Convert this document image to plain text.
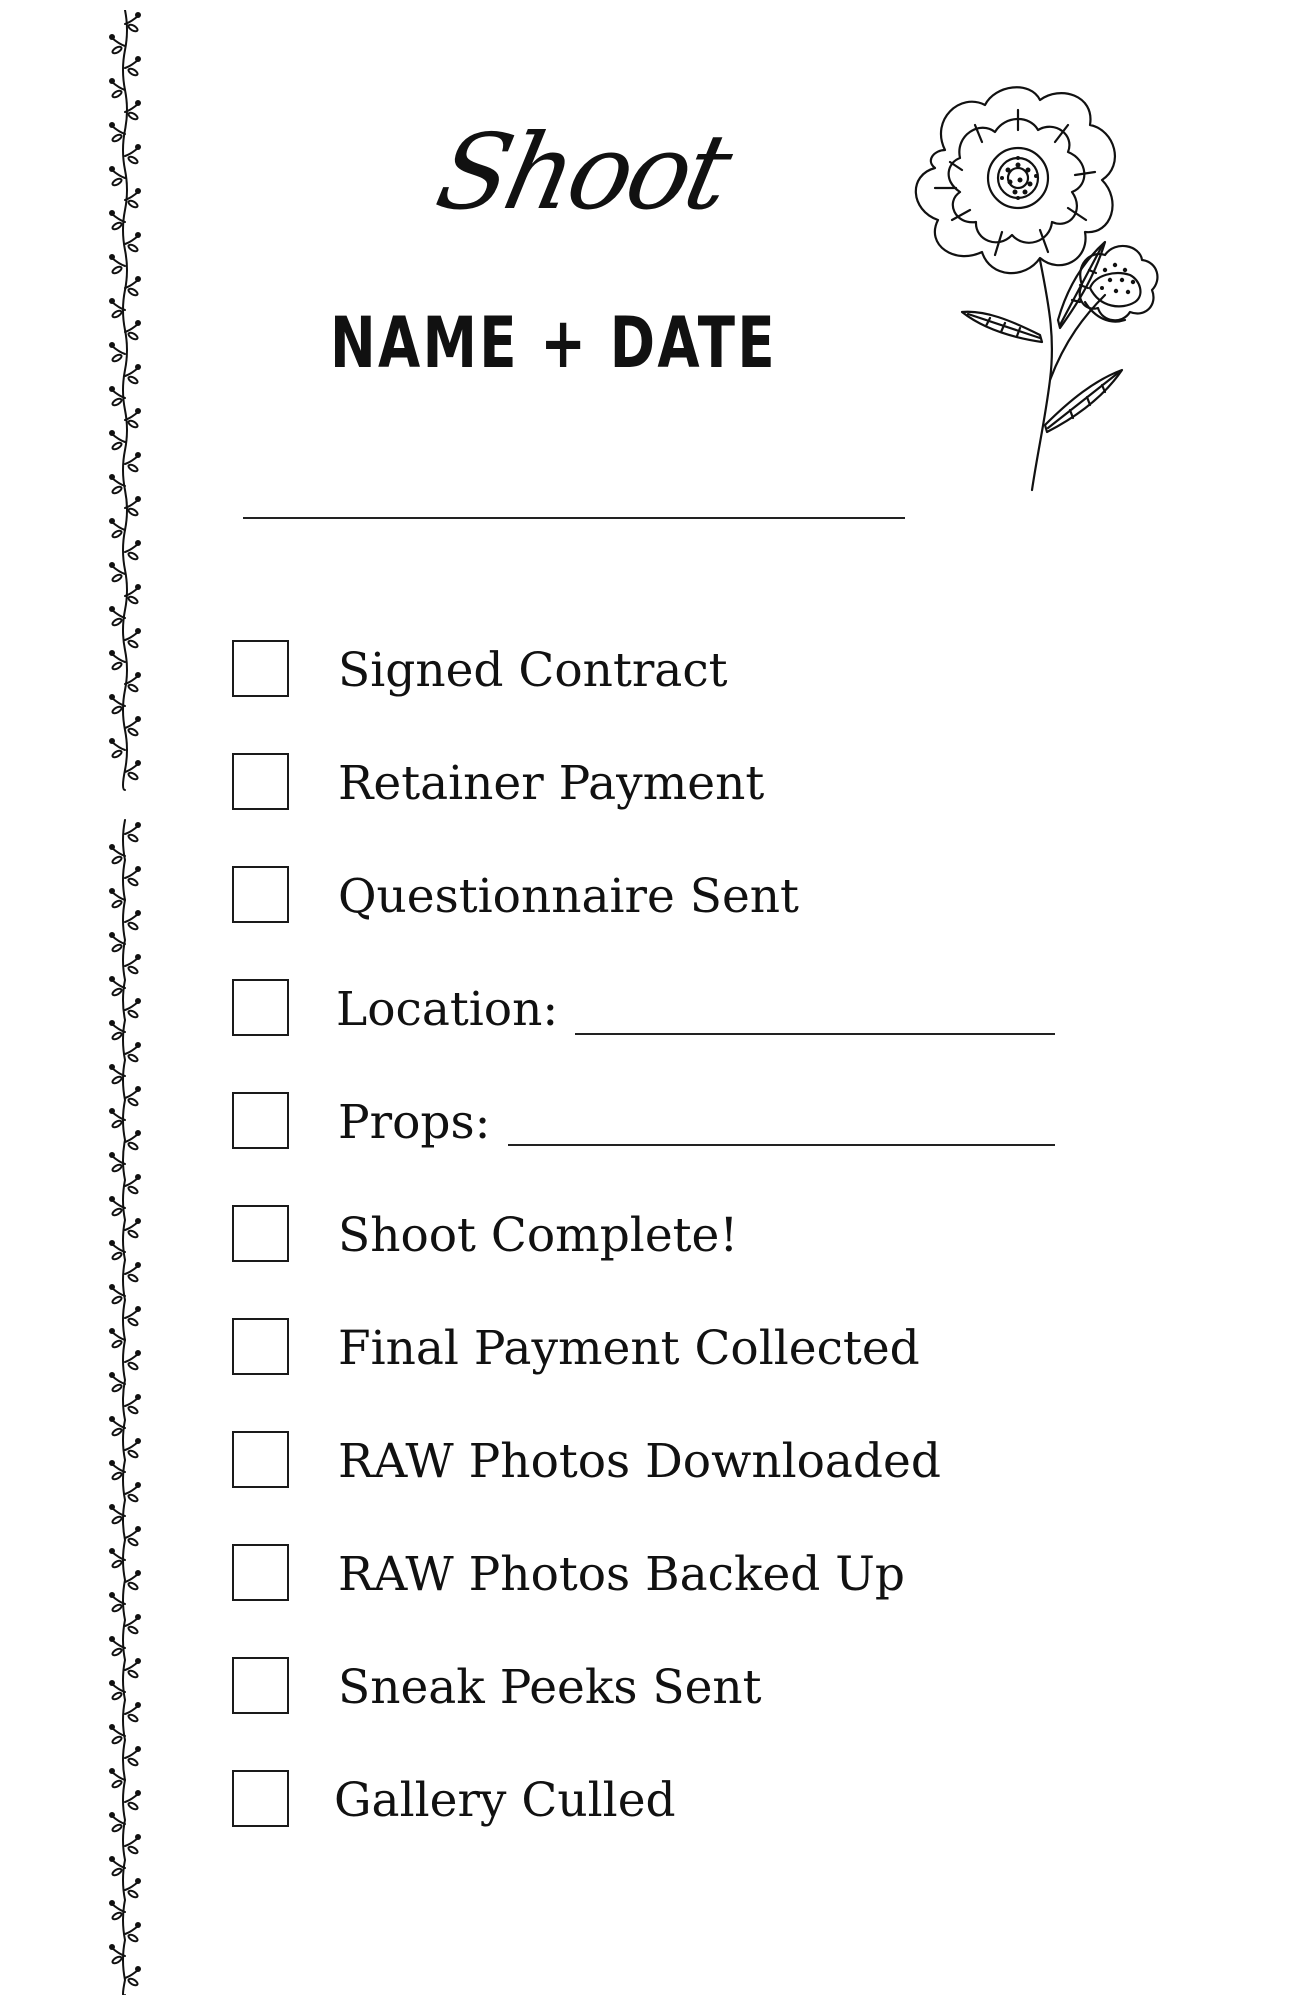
Shoot
NAME + DATE
Signed Contract
Retainer Payment
Questionnaire Sent
Location:
Props:
Shoot Complete!
Final Payment Collected
RAW Photos Downloaded
RAW Photos Backed Up
Sneak Peeks Sent
Gallery Culled
